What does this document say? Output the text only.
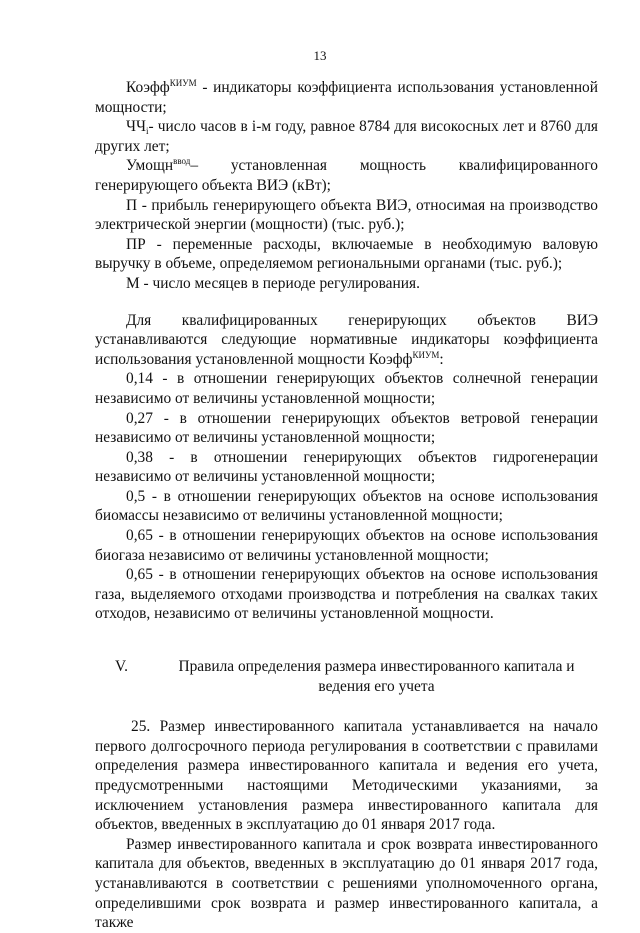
13

Коэфф$^{КИУМ}$ - индикаторы коэффициента использования установленной мощности;

$ЧЧ_i-$ число часов в i-м году, равное 8784 для високосных лет и 8760 для других лет;

Умощн$^{ввод}$– установленная мощность квалифицированного генерирующего объекта ВИЭ (кВт);

П - прибыль генерирующего объекта ВИЭ, относимая на производство электрической энергии (мощности) (тыс. руб.);

ПР - переменные расходы, включаемые в необходимую валовую выручку в объеме, определяемом региональными органами (тыс. руб.);

М - число месяцев в периоде регулирования.

Для квалифицированных генерирующих объектов ВИЭ устанавливаются следующие нормативные индикаторы коэффициента использования установленной мощности Коэфф$^{КИУМ}$:

0,14 - в отношении генерирующих объектов солнечной генерации независимо от величины установленной мощности;

0,27 - в отношении генерирующих объектов ветровой генерации независимо от величины установленной мощности;

0,38 - в отношении генерирующих объектов гидрогенерации независимо от величины установленной мощности;

0,5 - в отношении генерирующих объектов на основе использования биомассы независимо от величины установленной мощности;

0,65 - в отношении генерирующих объектов на основе использования биогаза независимо от величины установленной мощности;

0,65 - в отношении генерирующих объектов на основе использования газа, выделяемого отходами производства и потребления на свалках таких отходов, независимо от величины установленной мощности.

V.	Правила определения размера инвестированного капитала и ведения его учета

25. Размер инвестированного капитала устанавливается на начало первого долгосрочного периода регулирования в соответствии с правилами определения размера инвестированного капитала и ведения его учета, предусмотренными настоящими Методическими указаниями, за исключением установления размера инвестированного капитала для объектов, введенных в эксплуатацию до 01 января 2017 года.

Размер инвестированного капитала и срок возврата инвестированного капитала для объектов, введенных в эксплуатацию до 01 января 2017 года, устанавливаются в соответствии с решениями уполномоченного органа, определившими срок возврата и размер инвестированного капитала, а также
